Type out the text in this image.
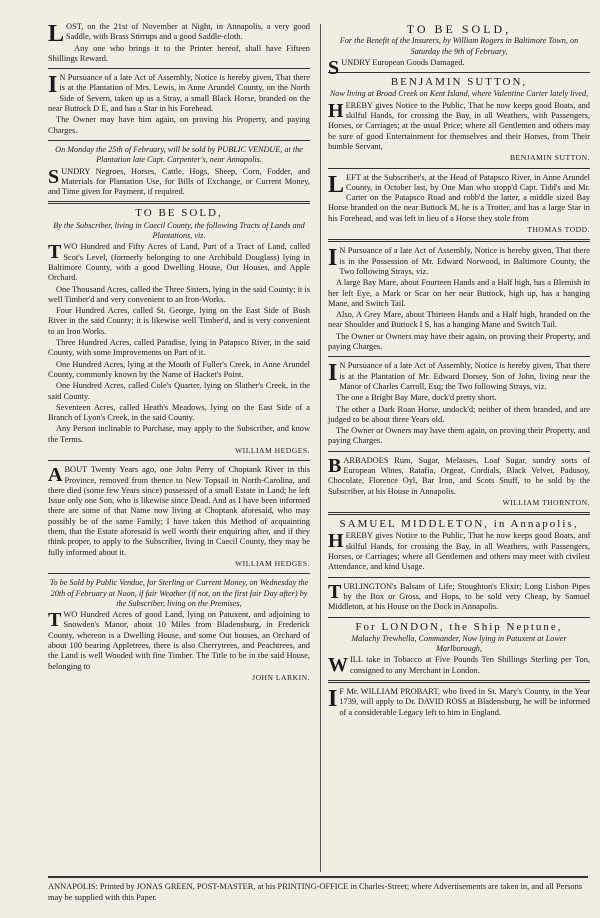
LOST, on the 21st of November at Night, in Annapolis, a very good Saddle, with Brass Stirrups and a good Saddle-cloth.

Any one who brings it to the Printer hereof, shall have Fifteen Shillings Reward.

I N Pursuance of a late Act of Assembly, Notice is hereby given, That there is at the Plantation of Mrs. Lewis, in Anne Arundel County, on the North Side of Severn, taken up as a Stray, a small Black Horse, branded on the near Buttock D E, and has a Star in his Forehead.

The Owner may have him again, on proving his Property, and paying Charges.

On Monday the 25th of February, will be sold by PUBLIC VENDUE, at the Plantation late Capt. Carpenter's, near Annapolis.

SUNDRY Negroes, Horses, Cattle, Hogs, Sheep, Corn, Fodder, and Materials for Plantation Use, for Bills of Exchange, or Current Money, and Time given for Payment, if required.

TO BE SOLD,
By the Subscriber, living in Caecil County, the following Tracts of Lands and Plantations, viz.

TWO Hundred and Fifty Acres of Land, Part of a Tract of Land, called Scot's Level, (formerly belonging to one Archibald Douglass) lying in Baltimore County, with a good Dwelling House, Out Houses, and Apple Orchard.

One Thousand Acres, called the Three Sisters, lying in the said County; it is well Timber'd and very convenient to an Iron-Works.

Four Hundred Acres, called St. George, lying on the East Side of Bush River in the said County; it is likewise well Timber'd, and is very convenient to an Iron Works.

Three Hundred Acres, called Paradise, lying in Patapsco River, in the said County, with some Improvements on Part of it.

One Hundred Acres, lying at the Mouth of Fuller's Creek, in Anne Arundel County, commonly known by the Name of Hacket's Point.

One Hundred Acres, called Cole's Quarter, lying on Slather's Creek, in the said County.

Seventeen Acres, called Heath's Meadows, lying on the East Side of a Branch of Lyon's Creek, in the said County.

Any Person inclinable to Purchase, may apply to the Subscriber, and know the Terms.

WILLIAM HEDGES.

ABOUT Twenty Years ago, one John Perry of Choptank River in this Province, removed from thence to New Topsail in North-Carolina, and there died (some few Years since) possessed of a small Estate in Land; he left Issue only one Son, who is likewise since Dead. And as I have been informed there are some of that Name now living at Choptank aforesaid, who may possibly be of the same Family; I have taken this Method of acquainting them, that the Estate aforesaid is well worth their enquiring after, and if they think proper, to apply to the Subscriber, living in Caecil County, they may be fully informed about it.

WILLIAM HEDGES.
To be Sold by Public Vendue, for Sterling or Current Money, on Wednesday the 20th of February at Noon, if fair Weather (if not, on the first fair Day after) by the Subscriber, living on the Premises,

TWO Hundred Acres of good Land, lying on Patuxent, and adjoining to Snowden's Manor, about 10 Miles from Bladensburg, in Frederick County, whereon is a Dwelling House, and some Out houses, an Orchard of about 100 bearing Appletrees, there is also Cherrytrees, and Peachtrees, and the Land is well Wooded with fine Timber. The Title to be in the said House, belonging to

JOHN LARKIN.
TO BE SOLD,
For the Benefit of the Insurers, by William Rogers in Baltimore Town, on Saturday the 9th of February,

SUNDRY European Goods Damaged.

BENJAMIN SUTTON,
Now living at Broad Creek on Kent Island, where Valentine Carter lately lived,

HEREBY gives Notice to the Public, That he now keeps good Boats, and skilful Hands, for crossing the Bay, in all Weathers, with Passengers, Horses, or Carriages; at the usual Price; where all Gentlemen and others may be sure of good Entertainment for themselves and their Horses, from Their humble Servant,

BENJAMIN SUTTON.

LEFT at the Subscriber's, at the Head of Patapsco River, in Anne Arundel County, in October last, by One Man who stopp'd Capt. Tidd's and Mr. Carter on the Patapsco Road and robb'd the latter, a middle sized Bay Horse branded on the near Buttock M, he is a Trotter, and has a large Star in his Forehead, and was left in lieu of a Horse they stole from

THOMAS TODD.

I N Pursuance of a late Act of Assembly, Notice is hereby given, That there is in the Possession of Mr. Edward Norwood, in Baltimore County, the Two following Strays, viz.

A large Bay Mare, about Fourteen Hands and a Half high, has a Blemish in her left Eye, a Mark or Scar on her near Buttock, high up, has a hanging Mane, and Switch Tail.

Also, A Grey Mare, about Thirteen Hands and a Half high, branded on the near Shoulder and Buttock I S, has a hanging Mane and Switch Tail.

The Owner or Owners may have their again, on proving their Property, and paying Charges.

I N Pursuance of a late Act of Assembly, Notice is hereby given, That there is at the Plantation of Mr. Edward Dorsey, Son of John, living near the Manor of Charles Carroll, Esq; the Two following Strays, viz.

The one a Bright Bay Mare, dock'd pretty short.

The other a Dark Roan Horse, undock'd; neither of them branded, and are judged to be about three Years old.

The Owner or Owners may have them again, on proving their Property, and paying Charges.

BARBADOES Rum, Sugar, Melasses, Loaf Sugar, sundry sorts of European Wines, Ratafia, Orgeat, Cordials, Black Velvet, Padusoy, Chocolate, Florence Oyl, Bar Iron, and Scots Snuff, to be sold by the Subscriber, at his House in Annapolis.

WILLIAM THORNTON.
SAMUEL MIDDLETON, in Annapolis,

HEREBY gives Notice to the Public, That he now keeps good Boats, and skilful Hands, for crossing the Bay, in all Weathers, with Passengers, Horses, or Carriages; where all Gentlemen and others may meet with civilest Attendance, and kind Usage.

TURLINGTON's Balsam of Life; Stoughton's Elixir; Long Lisbon Pipes by the Box or Gross, and Hops, to be sold very Cheap, by Samuel Middleton, at his House on the Dock in Annapolis.

For LONDON, the Ship Neptune,
Malachy Trewhella, Commander, Now lying in Patuxent at Lower Marlborough,

WILL take in Tobacco at Five Pounds Ten Shillings Sterling per Ton, consigned to any Merchant in London.

I F Mr. WILLIAM PROBART, who lived in St. Mary's County, in the Year 1739, will apply to Dr. DAVID ROSS at Bladensburg, he will be informed of a considerable Legacy left to him in England.

ANNAPOLIS: Printed by JONAS GREEN, POST-MASTER, at his PRINTING-OFFICE in Charles-Street; where Advertisements are taken in, and all Persons may be supplied with this Paper.
